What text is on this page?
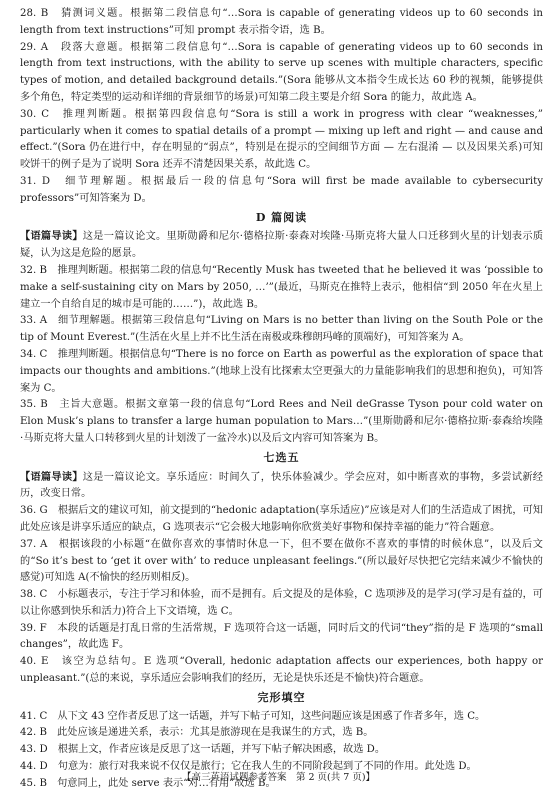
28. B　猜测词义题。根据第二段信息句“…Sora is capable of generating videos up to 60 seconds in length from text instructions”可知 prompt 表示指令语，选 B。

29. A　段落大意题。根据第二段信息句“…Sora is capable of generating videos up to 60 seconds in length from text instructions, with the ability to serve up scenes with multiple characters, specific types of motion, and detailed background details.”(Sora 能够从文本指令生成长达 60 秒的视频，能够提供多个角色，特定类型的运动和详细的背景细节的场景)可知第二段主要是介绍 Sora 的能力，故此选 A。

30. C　推理判断题。根据第四段信息句“Sora is still a work in progress with clear “weaknesses,” particularly when it comes to spatial details of a prompt — mixing up left and right — and cause and effect.”(Sora 仍在进行中，存在明显的“弱点”，特别是在提示的空间细节方面 — 左右混淆 — 以及因果关系)可知咬饼干的例子是为了说明 Sora 还弄不清楚因果关系，故此选 C。

31. D　细节理解题。根据最后一段的信息句“Sora will first be made available to cybersecurity professors”可知答案为 D。

D 篇阅读

【语篇导读】这是一篇议论文。里斯勋爵和尼尔·德格拉斯·泰森对埃隆·马斯克将大量人口迁移到火星的计划表示质疑，认为这是危险的愿景。

32. B　推理判断题。根据第二段的信息句“Recently Musk has tweeted that he believed it was ‘possible to make a self-sustaining city on Mars by 2050, …’”(最近，马斯克在推特上表示，他相信“到 2050 年在火星上建立一个自给自足的城市是可能的……”)，故此选 B。

33. A　细节理解题。根据第三段信息句“Living on Mars is no better than living on the South Pole or the tip of Mount Everest.”(生活在火星上并不比生活在南极或珠穆朗玛峰的顶端好)，可知答案为 A。

34. C　推理判断题。根据信息句“There is no force on Earth as powerful as the exploration of space that impacts our thoughts and ambitions.”(地球上没有比探索太空更强大的力量能影响我们的思想和抱负)，可知答案为 C。

35. B　主旨大意题。根据文章第一段的信息句“Lord Rees and Neil deGrasse Tyson pour cold water on Elon Musk’s plans to transfer a large human population to Mars…”(里斯勋爵和尼尔·德格拉斯·泰森给埃隆·马斯克将大量人口转移到火星的计划泼了一盆冷水)以及后文内容可知答案为 B。

七选五

【语篇导读】这是一篇议论文。享乐适应：时间久了，快乐体验减少。学会应对，如中断喜欢的事物，多尝试新经历，改变日常。

36. G　根据后文的建议可知，前文提到的“hedonic adaptation(享乐适应)”应该是对人们的生活造成了困扰，可知此处应该是讲享乐适应的缺点，G 选项表示“它会极大地影响你欣赏美好事物和保持幸福的能力”符合题意。

37. A　根据该段的小标题“在做你喜欢的事情时休息一下，但不要在做你不喜欢的事情的时候休息”，以及后文的“So it’s best to ‘get it over with’ to reduce unpleasant feelings.”(所以最好尽快把它完结来减少不愉快的感觉)可知选 A(不愉快的经历则相反)。

38. C　小标题表示，专注于学习和体验，而不是拥有。后文提及的是体验，C 选项涉及的是学习(学习是有益的，可以让你感到快乐和活力)符合上下文语境，选 C。

39. F　本段的话题是打乱日常的生活常规，F 选项符合这一话题，同时后文的代词“they”指的是 F 选项的“small changes”，故此选 F。

40. E　该空为总结句。E 选项“Overall, hedonic adaptation affects our experiences, both happy or unpleasant.”(总的来说，享乐适应会影响我们的经历，无论是快乐还是不愉快)符合题意。

完形填空

41. C　从下文 43 空作者反思了这一话题，并写下帖子可知，这些问题应该是困惑了作者多年，选 C。

42. B　此处应该是递进关系，表示：尤其是旅游现在是我谋生的方式，选 B。

43. D　根据上文，作者应该是反思了这一话题，并写下帖子解决困惑，故选 D。

44. D　句意为：旅行对我来说不仅仅是旅行；它在我人生的不同阶段起到了不同的作用。此处选 D。

45. B　句意同上，此处 serve 表示“对…有用”故选 B。

【高三英语试题参考答案　第 2 页(共 7 页)】
